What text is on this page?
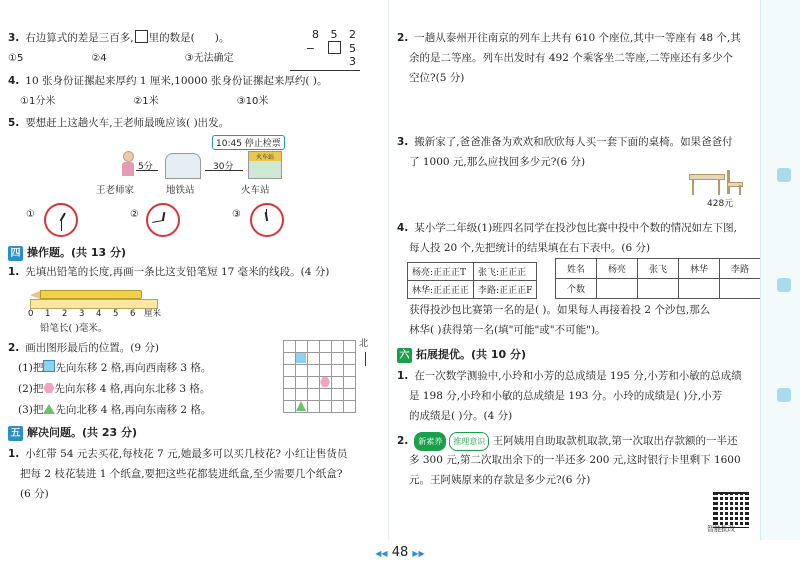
3. 右边算式的差是三百多, 里的数是( )。
①5	②4	③无法确定
8 5 2
−	5 3
4. 10 张身份证摞起来厚约 1 厘米,10000 张身份证摞起来厚约( )。
①1分米	②1米	③10米
5. 要想赶上这趟火车,王老师最晚应该( )出发。
10:45 停止检票
5分	30分
火车站
王老师家	地铁站	火车站
①	②	③
四 操作题。(共 13 分)
1. 先填出铅笔的长度,再画一条比这支铅笔短 17 毫米的线段。(4 分)
0 1 2 3 4 5 6 厘米
铅笔长( )毫米。
2. 画出图形最后的位置。(9 分)
(1)把 先向东移 2 格,再向西南移 3 格。
(2)把 先向东移 4 格,再向东北移 3 格。
(3)把 先向北移 4 格,再向东南移 2 格。
北
五 解决问题。(共 23 分)
1. 小红带 54 元去买花,每枝花 7 元,她最多可以买几枝花? 小红让售货员
把每 2 枝花装进 1 个纸盒,要把这些花都装进纸盒,至少需要几个纸盒?
(6 分)
2. 一趟从泰州开往南京的列车上共有 610 个座位,其中一等座有 48 个,其
余的是二等座。列车出发时有 492 个乘客坐二等座,二等座还有多少个
空位?(5 分)
3. 搬新家了,爸爸准备为欢欢和欣欣每人买一套下面的桌椅。如果爸爸付
了 1000 元,那么应找回多少元?(6 分)
428元
4. 某小学二年级(1)班四名同学在投沙包比赛中投中个数的情况如左下图,
每人投 20 个,先把统计的结果填在右下表中。(6 分)
杨亮:正正正T	张飞:正正正
林华:正正正正	李路:正正正F
姓名	杨亮	张飞	林华	李路
个数				
获得投沙包比赛第一名的是( )。如果每人再接着投 2 个沙包,那么
林华( )获得第一名(填"可能"或"不可能")。
六 拓展提优。(共 10 分)
1. 在一次数学测验中,小玲和小芳的总成绩是 195 分,小芳和小敏的总成绩
是 198 分,小玲和小敏的总成绩是 193 分。小玲的成绩是( )分,小芳
的成绩是( )分。(4 分)
2. 新素养 推理意识 王阿姨用自助取款机取款,第一次取出存款额的一半还
多 300 元,第二次取出余下的一半还多 200 元,这时银行卡里剩下 1600
元。王阿姨原来的存款是多少元?(6 分)
智能批改
◀◀ 48 ▶▶
